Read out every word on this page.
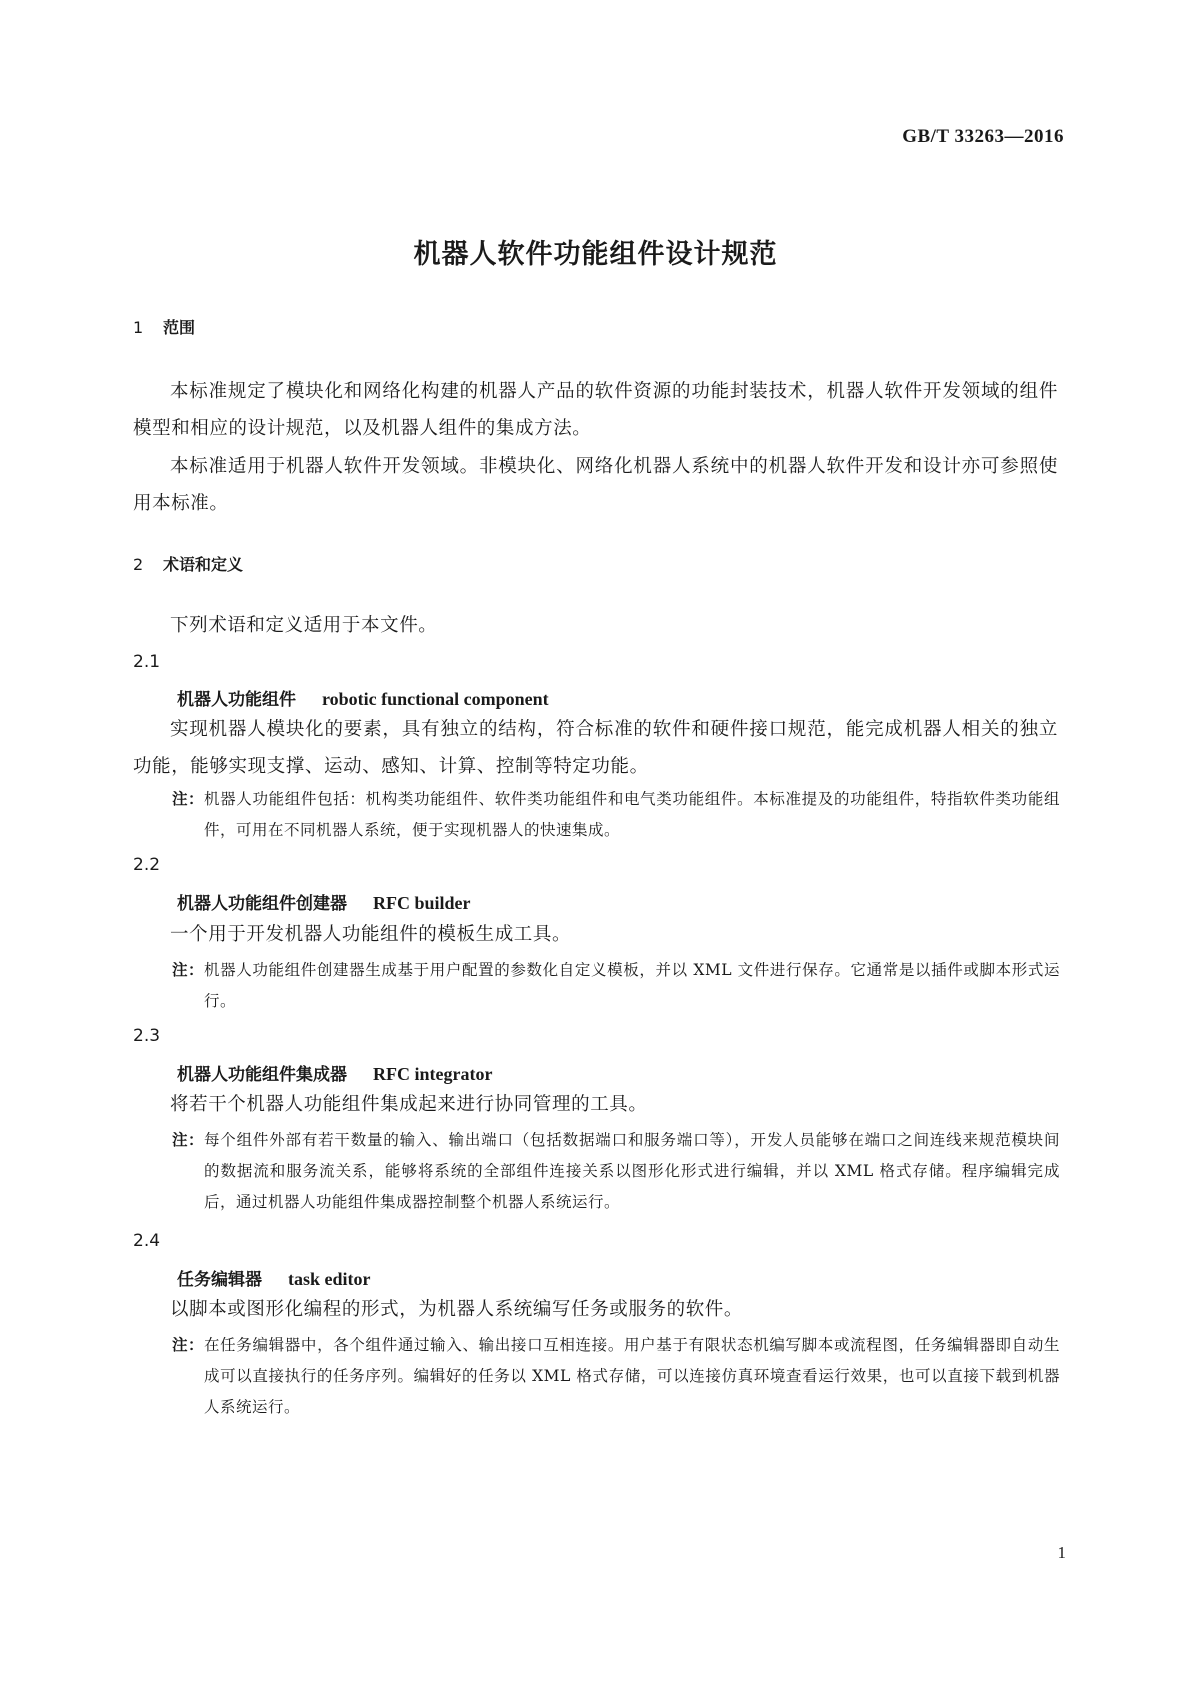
GB/T 33263—2016
机器人软件功能组件设计规范
1 范围
本标准规定了模块化和网络化构建的机器人产品的软件资源的功能封装技术，机器人软件开发领域的组件模型和相应的设计规范，以及机器人组件的集成方法。
本标准适用于机器人软件开发领域。非模块化、网络化机器人系统中的机器人软件开发和设计亦可参照使用本标准。
2 术语和定义
下列术语和定义适用于本文件。
2.1
机器人功能组件 robotic functional component
实现机器人模块化的要素，具有独立的结构，符合标准的软件和硬件接口规范，能完成机器人相关的独立功能，能够实现支撑、运动、感知、计算、控制等特定功能。
注： 机器人功能组件包括：机构类功能组件、软件类功能组件和电气类功能组件。本标准提及的功能组件，特指软件类功能组件，可用在不同机器人系统，便于实现机器人的快速集成。
2.2
机器人功能组件创建器 RFC builder
一个用于开发机器人功能组件的模板生成工具。
注： 机器人功能组件创建器生成基于用户配置的参数化自定义模板，并以 XML 文件进行保存。它通常是以插件或脚本形式运行。
2.3
机器人功能组件集成器 RFC integrator
将若干个机器人功能组件集成起来进行协同管理的工具。
注： 每个组件外部有若干数量的输入、输出端口（包括数据端口和服务端口等），开发人员能够在端口之间连线来规范模块间的数据流和服务流关系，能够将系统的全部组件连接关系以图形化形式进行编辑，并以 XML 格式存储。程序编辑完成后，通过机器人功能组件集成器控制整个机器人系统运行。
2.4
任务编辑器 task editor
以脚本或图形化编程的形式，为机器人系统编写任务或服务的软件。
注： 在任务编辑器中，各个组件通过输入、输出接口互相连接。用户基于有限状态机编写脚本或流程图，任务编辑器即自动生成可以直接执行的任务序列。编辑好的任务以 XML 格式存储，可以连接仿真环境查看运行效果，也可以直接下载到机器人系统运行。
1
